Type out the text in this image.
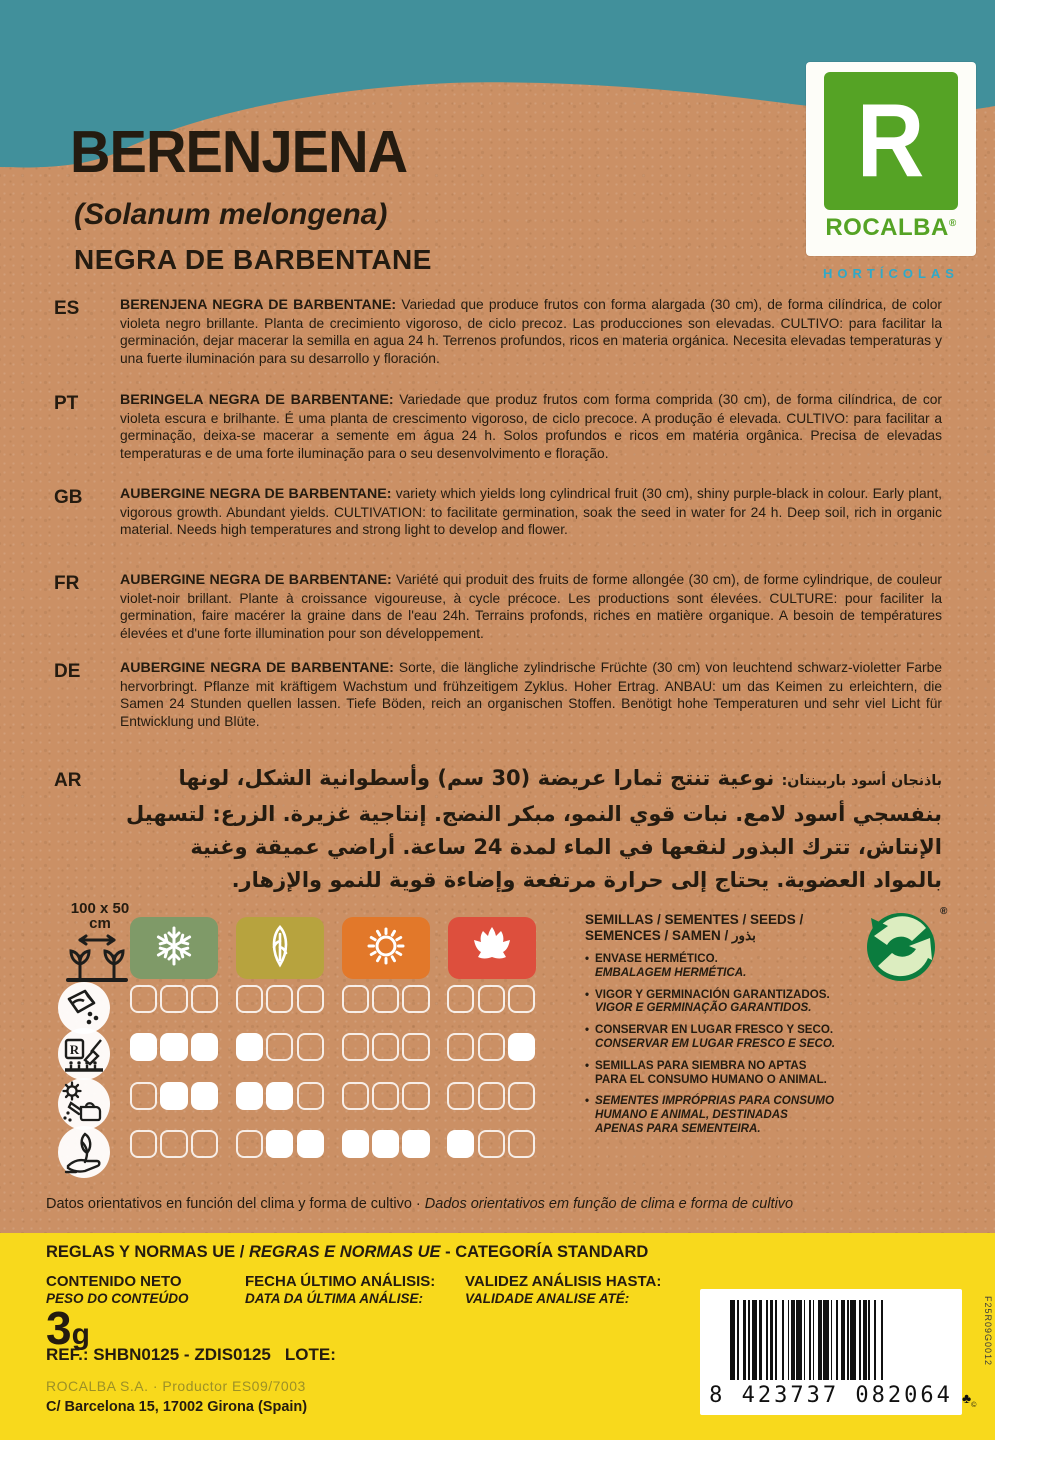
BERENJENA
(Solanum melongena)
NEGRA DE BARBENTANE
R
ROCALBA®
HORTÍCOLAS
ES	BERENJENA NEGRA DE BARBENTANE: Variedad que produce frutos con forma alargada (30 cm), de forma cilíndrica, de color violeta negro brillante. Planta de crecimiento vigoroso, de ciclo precoz. Las producciones son elevadas. CULTIVO: para facilitar la germinación, dejar macerar la semilla en agua 24 h. Terrenos profundos, ricos en materia orgánica. Necesita elevadas temperaturas y una fuerte iluminación para su desarrollo y floración.

PT	BERINGELA NEGRA DE BARBENTANE: Variedade que produz frutos com forma comprida (30 cm), de forma cilíndrica, de cor violeta escura e brilhante. É uma planta de crescimento vigoroso, de ciclo precoce. A produção é elevada. CULTIVO: para facilitar a germinação, deixa-se macerar a semente em água 24 h. Solos profundos e ricos em matéria orgânica. Precisa de elevadas temperaturas e de uma forte iluminação para o seu desenvolvimento e floração.

GB	AUBERGINE NEGRA DE BARBENTANE: variety which yields long cylindrical fruit (30 cm), shiny purple-black in colour. Early plant, vigorous growth. Abundant yields. CULTIVATION: to facilitate germination, soak the seed in water for 24 h. Deep soil, rich in organic material. Needs high temperatures and strong light to develop and flower.

FR	AUBERGINE NEGRA DE BARBENTANE: Variété qui produit des fruits de forme allongée (30 cm), de forme cylindrique, de couleur violet-noir brillant. Plante à croissance vigoureuse, à cycle précoce. Les productions sont élevées. CULTURE: pour faciliter la germination, faire macérer la graine dans de l'eau 24h. Terrains profonds, riches en matière organique. A besoin de températures élevées et d'une forte illumination pour son développement.

DE	AUBERGINE NEGRA DE BARBENTANE: Sorte, die längliche zylindrische Früchte (30 cm) von leuchtend schwarz-violetter Farbe hervorbringt. Pflanze mit kräftigem Wachstum und frühzeitigem Zyklus. Hoher Ertrag. ANBAU: um das Keimen zu erleichtern, die Samen 24 Stunden quellen lassen. Tiefe Böden, reich an organischen Stoffen. Benötigt hohe Temperaturen und sehr viel Licht für Entwicklung und Blüte.

AR	باذنجان أسود باربينتان: نوعية تنتج ثمارا عريضة (30 سم) وأسطوانية الشكل، لونها بنفسجي أسود لامع. نبات قوي النمو، مبكر النضج. إنتاجية غزيرة. الزرع: لتسهيل الإنتاش، تترك البذور لنقعها في الماء لمدة 24 ساعة. أراضي عميقة وغنية بالمواد العضوية. يحتاج إلى حرارة مرتفعة وإضاءة قوية للنمو والإزهار.

100 x 50
cm
R
Datos orientativos en función del clima y forma de cultivo · Dados orientativos em função de clima e forma de cultivo
SEMILLAS / SEMENTES / SEEDS /
SEMENCES / SAMEN / بذور
• ENVASE HERMÉTICO.
EMBALAGEM HERMÉTICA.
• VIGOR Y GERMINACIÓN GARANTIZADOS.
VIGOR E GERMINAÇÃO GARANTIDOS.
• CONSERVAR EN LUGAR FRESCO Y SECO.
CONSERVAR EM LUGAR FRESCO E SECO.
• SEMILLAS PARA SIEMBRA NO APTAS
PARA EL CONSUMO HUMANO O ANIMAL.
• SEMENTES IMPRÓPRIAS PARA CONSUMO
HUMANO E ANIMAL, DESTINADAS
APENAS PARA SEMENTEIRA.
®
REGLAS Y NORMAS UE / REGRAS E NORMAS UE - CATEGORÍA STANDARD
CONTENIDO NETO
PESO DO CONTEÚDO
3g
FECHA ÚLTIMO ANÁLISIS:
DATA DA ÚLTIMA ANÁLISE:
VALIDEZ ANÁLISIS HASTA:
VALIDADE ANALISE ATÉ:
REF.: SHBN0125 - ZDIS0125 LOTE:
ROCALBA S.A. · Productor ES09/7003
C/ Barcelona 15, 17002 Girona (Spain)	8 423737 082064
F25R09G0012
$♣_©$
